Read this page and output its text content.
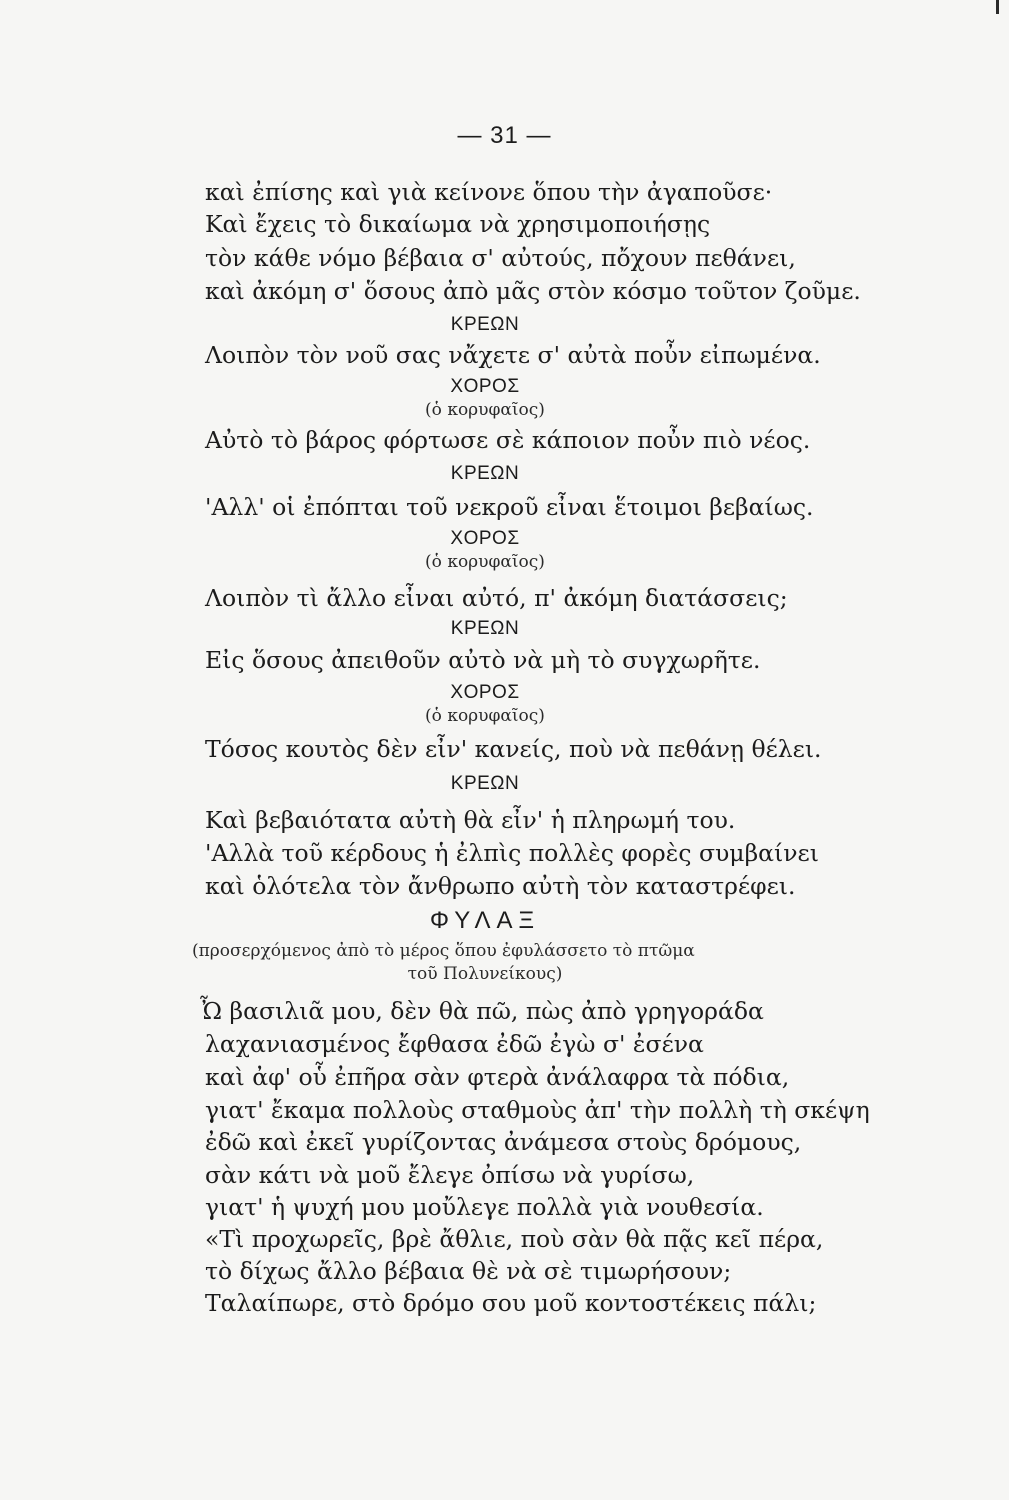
— 31 —
καὶ ἐπίσης καὶ γιὰ κείνονε ὅπου τὴν ἀγαποῦσε·
Καὶ ἔχεις τὸ δικαίωμα νὰ χρησιμοποιήσῃς
τὸν κάθε νόμο βέβαια σ' αὐτούς, πὄχουν πεθάνει,
καὶ ἀκόμη σ' ὅσους ἀπὸ μᾶς στὸν κόσμο τοῦτον ζοῦμε.
ΚΡΕΩΝ
Λοιπὸν τὸν νοῦ σας νἄχετε σ' αὐτὰ ποὖν εἰπωμένα.
ΧΟΡΟΣ
(ὁ κορυφαῖος)
Αὐτὸ τὸ βάρος φόρτωσε σὲ κάποιον ποὖν πιὸ νέος.
ΚΡΕΩΝ
'Αλλ' οἱ ἐπόπται τοῦ νεκροῦ εἶναι ἕτοιμοι βεβαίως.
ΧΟΡΟΣ
(ὁ κορυφαῖος)
Λοιπὸν τὶ ἄλλο εἶναι αὐτό, π' ἀκόμη διατάσσεις;
ΚΡΕΩΝ
Εἰς ὅσους ἀπειθοῦν αὐτὸ νὰ μὴ τὸ συγχωρῆτε.
ΧΟΡΟΣ
(ὁ κορυφαῖος)
Τόσος κουτὸς δὲν εἶν' κανείς, ποὺ νὰ πεθάνῃ θέλει.
ΚΡΕΩΝ
Καὶ βεβαιότατα αὐτὴ θὰ εἶν' ἡ πληρωμή του.
'Αλλὰ τοῦ κέρδους ἡ ἐλπὶς πολλὲς φορὲς συμβαίνει
καὶ ὁλότελα τὸν ἄνθρωπο αὐτὴ τὸν καταστρέφει.
ΦΥΛΑΞ
(προσερχόμενος ἀπὸ τὸ μέρος ὅπου ἐφυλάσσετο τὸ πτῶμα
τοῦ Πολυνείκους)
Ὦ βασιλιᾶ μου, δὲν θὰ πῶ, πὼς ἀπὸ γρηγοράδα
λαχανιασμένος ἔφθασα ἐδῶ ἐγὼ σ' ἐσένα
καὶ ἀφ' οὗ ἐπῆρα σὰν φτερὰ ἀνάλαφρα τὰ πόδια,
γιατ' ἔκαμα πολλοὺς σταθμοὺς ἀπ' τὴν πολλὴ τὴ σκέψη
ἐδῶ καὶ ἐκεῖ γυρίζοντας ἀνάμεσα στοὺς δρόμους,
σὰν κάτι νὰ μοῦ ἔλεγε ὀπίσω νὰ γυρίσω,
γιατ' ἡ ψυχή μου μοὔλεγε πολλὰ γιὰ νουθεσία.
«Τὶ προχωρεῖς, βρὲ ἄθλιε, ποὺ σὰν θὰ πᾷς κεῖ πέρα,
τὸ δίχως ἄλλο βέβαια θὲ νὰ σὲ τιμωρήσουν;
Ταλαίπωρε, στὸ δρόμο σου μοῦ κοντοστέκεις πάλι;
